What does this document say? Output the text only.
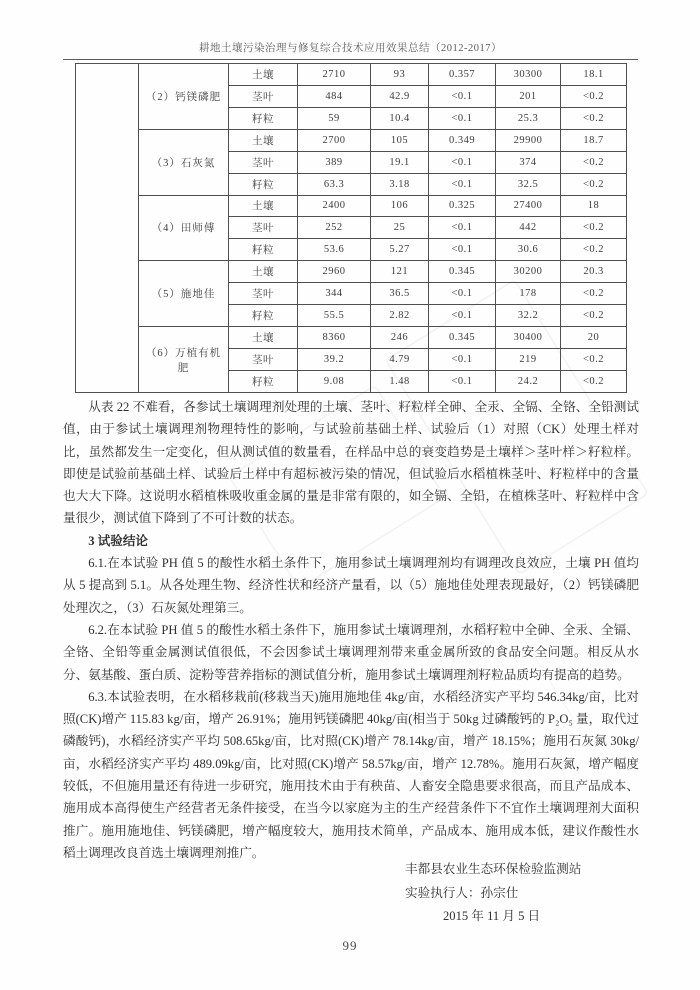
耕地土壤污染治理与修复综合技术应用效果总结（2012-2017）
	（2）钙镁磷肥	土壤	2710	93	0.357	30300	18.1
		茎叶	484	42.9	<0.1	201	<0.2
		籽粒	59	10.4	<0.1	25.3	<0.2
	（3）石灰氮	土壤	2700	105	0.349	29900	18.7
		茎叶	389	19.1	<0.1	374	<0.2
		籽粒	63.3	3.18	<0.1	32.5	<0.2
	（4）田师傅	土壤	2400	106	0.325	27400	18
		茎叶	252	25	<0.1	442	<0.2
		籽粒	53.6	5.27	<0.1	30.6	<0.2
	（5）施地佳	土壤	2960	121	0.345	30200	20.3
		茎叶	344	36.5	<0.1	178	<0.2
		籽粒	55.5	2.82	<0.1	32.2	<0.2
	（6）万植有机肥	土壤	8360	246	0.345	30400	20
		茎叶	39.2	4.79	<0.1	219	<0.2
		籽粒	9.08	1.48	<0.1	24.2	<0.2

从表 22 不难看，各参试土壤调理剂处理的土壤、茎叶、籽粒样全砷、全汞、全镉、全铬、全铅测试值，由于参试土壤调理剂物理特性的影响，与试验前基础土样、试验后（1）对照（CK）处理土样对比，虽然都发生一定变化，但从测试值的数量看，在样品中总的衰变趋势是土壤样＞茎叶样＞籽粒样。即使是试验前基础土样、试验后土样中有超标被污染的情况，但试验后水稻植株茎叶、籽粒样中的含量也大大下降。这说明水稻植株吸收重金属的量是非常有限的，如全镉、全铅，在植株茎叶、籽粒样中含量很少，测试值下降到了不可计数的状态。

3 试验结论

6.1.在本试验 PH 值 5 的酸性水稻土条件下，施用参试土壤调理剂均有调理改良效应，土壤 PH 值均从 5 提高到 5.1。从各处理生物、经济性状和经济产量看，以（5）施地佳处理表现最好，（2）钙镁磷肥处理次之，（3）石灰氮处理第三。

6.2.在本试验 PH 值 5 的酸性水稻土条件下，施用参试土壤调理剂，水稻籽粒中全砷、全汞、全镉、全铬、全铅等重金属测试值很低，不会因参试土壤调理剂带来重金属所致的食品安全问题。相反从水分、氨基酸、蛋白质、淀粉等营养指标的测试值分析，施用参试土壤调理剂籽粒品质均有提高的趋势。

6.3.本试验表明，在水稻移栽前(移栽当天)施用施地佳 4kg/亩，水稻经济实产平均 546.34kg/亩，比对照(CK)增产 115.83 kg/亩，增产 26.91%；施用钙镁磷肥 40kg/亩(相当于 50kg 过磷酸钙的 P₂O₅ 量，取代过磷酸钙)，水稻经济实产平均 508.65kg/亩，比对照(CK)增产 78.14kg/亩，增产 18.15%；施用石灰氮 30kg/亩，水稻经济实产平均 489.09kg/亩，比对照(CK)增产 58.57kg/亩，增产 12.78%。施用石灰氮，增产幅度较低，不但施用量还有待进一步研究，施用技术由于有秧苗、人畜安全隐患要求很高，而且产品成本、施用成本高得使生产经营者无条件接受，在当今以家庭为主的生产经营条件下不宜作土壤调理剂大面积推广。施用施地佳、钙镁磷肥，增产幅度较大，施用技术简单，产品成本、施用成本低，建议作酸性水稻土调理改良首选土壤调理剂推广。

丰都县农业生态环保检验监测站
实验执行人：孙宗仕
2015 年 11 月 5 日
99
